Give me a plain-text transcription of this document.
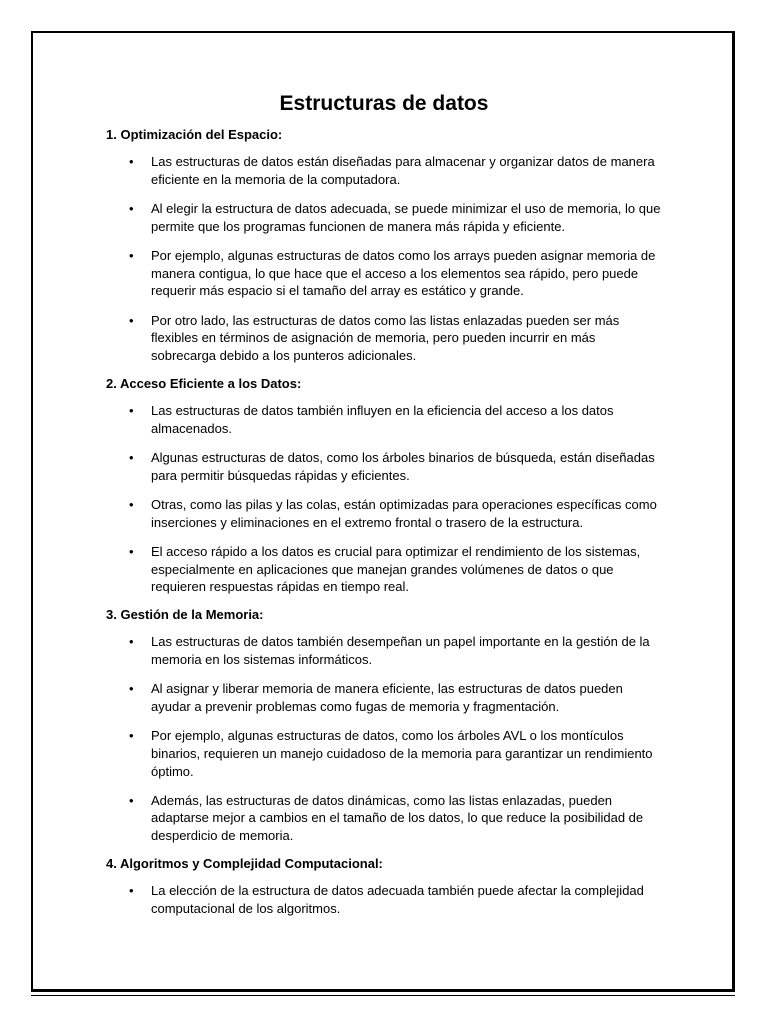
Estructuras de datos
1. Optimización del Espacio:
• Las estructuras de datos están diseñadas para almacenar y organizar datos de manera eficiente en la memoria de la computadora.
• Al elegir la estructura de datos adecuada, se puede minimizar el uso de memoria, lo que permite que los programas funcionen de manera más rápida y eficiente.
• Por ejemplo, algunas estructuras de datos como los arrays pueden asignar memoria de manera contigua, lo que hace que el acceso a los elementos sea rápido, pero puede requerir más espacio si el tamaño del array es estático y grande.
• Por otro lado, las estructuras de datos como las listas enlazadas pueden ser más flexibles en términos de asignación de memoria, pero pueden incurrir en más sobrecarga debido a los punteros adicionales.
2. Acceso Eficiente a los Datos:
• Las estructuras de datos también influyen en la eficiencia del acceso a los datos almacenados.
• Algunas estructuras de datos, como los árboles binarios de búsqueda, están diseñadas para permitir búsquedas rápidas y eficientes.
• Otras, como las pilas y las colas, están optimizadas para operaciones específicas como inserciones y eliminaciones en el extremo frontal o trasero de la estructura.
• El acceso rápido a los datos es crucial para optimizar el rendimiento de los sistemas, especialmente en aplicaciones que manejan grandes volúmenes de datos o que requieren respuestas rápidas en tiempo real.
3. Gestión de la Memoria:
• Las estructuras de datos también desempeñan un papel importante en la gestión de la memoria en los sistemas informáticos.
• Al asignar y liberar memoria de manera eficiente, las estructuras de datos pueden ayudar a prevenir problemas como fugas de memoria y fragmentación.
• Por ejemplo, algunas estructuras de datos, como los árboles AVL o los montículos binarios, requieren un manejo cuidadoso de la memoria para garantizar un rendimiento óptimo.
• Además, las estructuras de datos dinámicas, como las listas enlazadas, pueden adaptarse mejor a cambios en el tamaño de los datos, lo que reduce la posibilidad de desperdicio de memoria.
4. Algoritmos y Complejidad Computacional:
• La elección de la estructura de datos adecuada también puede afectar la complejidad computacional de los algoritmos.
